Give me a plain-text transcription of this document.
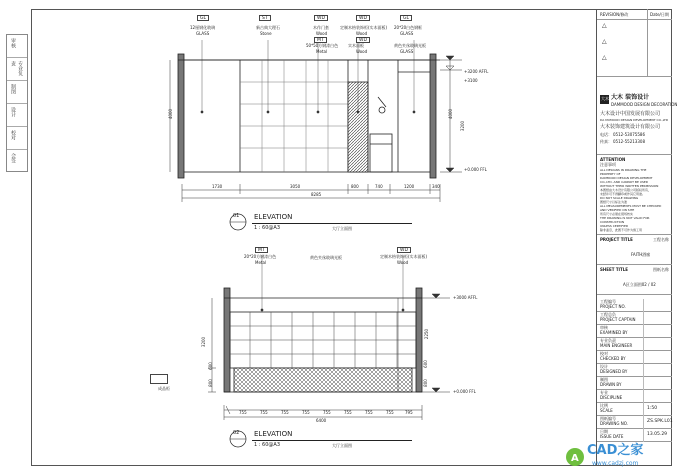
审核
专业负责
制图
设计
校对
会签
GL
12厘钢化玻璃
GLASS
ST
新古典大理石
Stone
WD
木作门套
Wood
MT
50*50方钢漆白色
Metal
WD
定制木格装饰柜(实木面板)
Wood
WD
实木面板
Wood
GL
20*20白色钢框
GLASS
黄色夹丝玻璃光板
GLASS
+3200 AFFL
+3100
+0.000 FFL
4000	4000
3200
1730	3050	800	740	1200	340
8285
01 ELEVATION
1 : 60@A3	大厅立面图
MT
20*20方钢漆白色
Metal
黄色夹丝玻璃光板
WD
定制木格装饰柜(实木面板)
Wood
+3000 AFFL
+0.000 FFL
3200
600
800
2250
600
800
成品柜
755	755	755	755	755	755	755	755	795
6400
02 ELEVATION
1 : 60@A3	大厅立面图
REVISION/修改	Date/日期
△
△
△
大木 大木 装饰设计
DAMMOOD DESIGN DECORATION
大木设计中国发展有限公司
DA MUMOOD DESIGN DEVELOPMENT CO.,LTD
大木装饰建筑设计有限公司
电话： 0512-53075586
传真： 0512-55213308
ATTENTION
注意事项
ALL DESIGNS IN DRAWING THE
PROPERTY OF
DAMMOOD DESIGN DEVELOPMENT
CO.,LTD. AND CANNOT BE USED
WITHOUT THEIR WRITTEN PERMISSION
本图纸由大木设计有限公司版权所有，
未经许可不得翻印或作其它用途。
DO NOT SCALE DRAWING
图纸尺寸以标注为准
ALL MEASUREMENTS MUST BE CHECKED
AND VERIFIED ON SITE
所有尺寸必须在现场核实
THE DRAWING IS NOT VALID FOR
CONSTRUCTION
UNLESS CERTIFIED
除非盖章，此图不可作为施工用
PROJECT TITLE	工程名称
FAITH酒廊
SHEET TITLE	图纸名称
A区立面图02 / 02
工程编号
PROJECT NO.
工程总负
PROJECT CAPTAIN
审核
EXAMINED BY
专业负责
MAIN ENGINEER
校对
CHECKED BY
设计
DESIGNED BY
制图
DRAWN BY
专业
DISCIPLINE
比例
SCALE	1:50
图纸编号
DRAWING NO.	ZS.SPK.L01
日期
ISSUE DATE	13.05.29
A
CAD之家
www.cadzj.com
